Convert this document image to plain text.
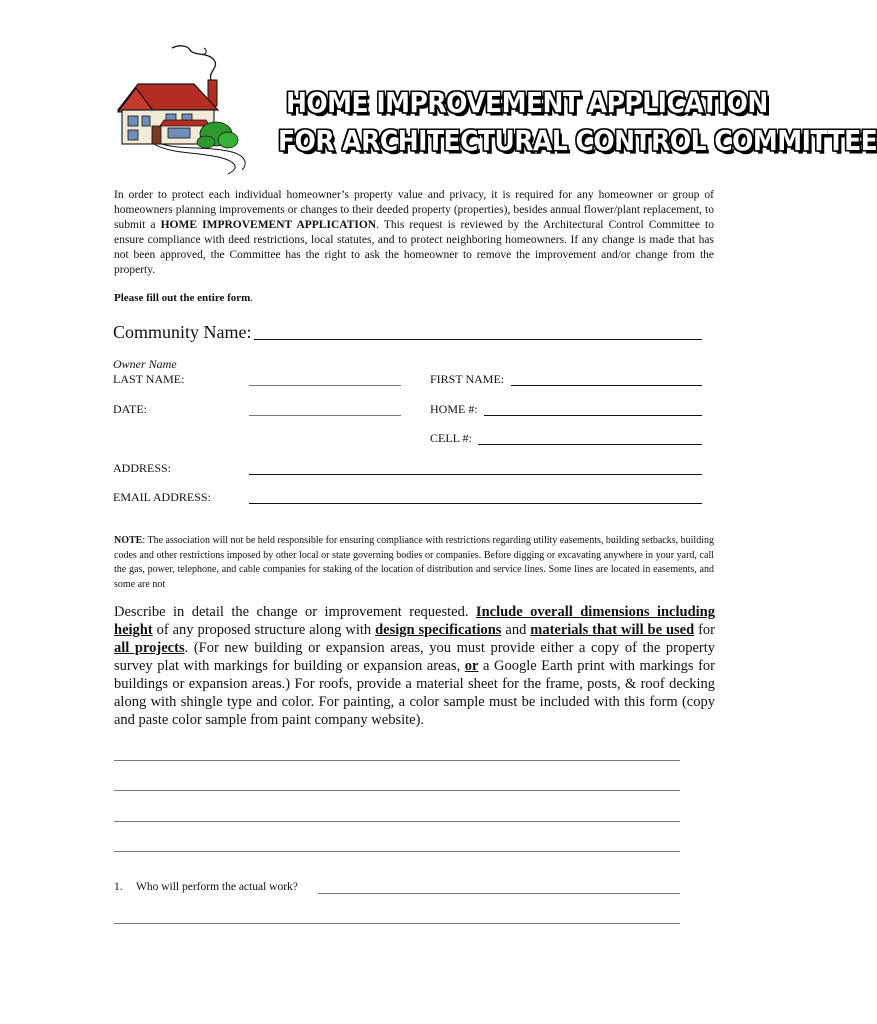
HOME IMPROVEMENT APPLICATION
FOR ARCHITECTURAL CONTROL COMMITTEE

In order to protect each individual homeowner’s property value and privacy, it is required for any homeowner or group of homeowners planning improvements or changes to their deeded property (properties), besides annual flower/plant replacement, to submit a HOME IMPROVEMENT APPLICATION. This request is reviewed by the Architectural Control Committee to ensure compliance with deed restrictions, local statutes, and to protect neighboring homeowners. If any change is made that has not been approved, the Committee has the right to ask the homeowner to remove the improvement and/or change from the property.

Please fill out the entire form.
Community Name:
Owner Name
LAST NAME:	FIRST NAME:
DATE:	HOME #:
CELL #:
ADDRESS:
EMAIL ADDRESS:

NOTE: The association will not be held responsible for ensuring compliance with restrictions regarding utility easements, building setbacks, building codes and other restrictions imposed by other local or state governing bodies or companies. Before digging or excavating anywhere in your yard, call the gas, power, telephone, and cable companies for staking of the location of distribution and service lines. Some lines are located in easements, and some are not

Describe in detail the change or improvement requested. Include overall dimensions including height of any proposed structure along with design specifications and materials that will be used for all projects. (For new building or expansion areas, you must provide either a copy of the property survey plat with markings for building or expansion areas, or a Google Earth print with markings for buildings or expansion areas.) For roofs, provide a material sheet for the frame, posts, & roof decking along with shingle type and color. For painting, a color sample must be included with this form (copy and paste color sample from paint company website).

1. Who will perform the actual work?
